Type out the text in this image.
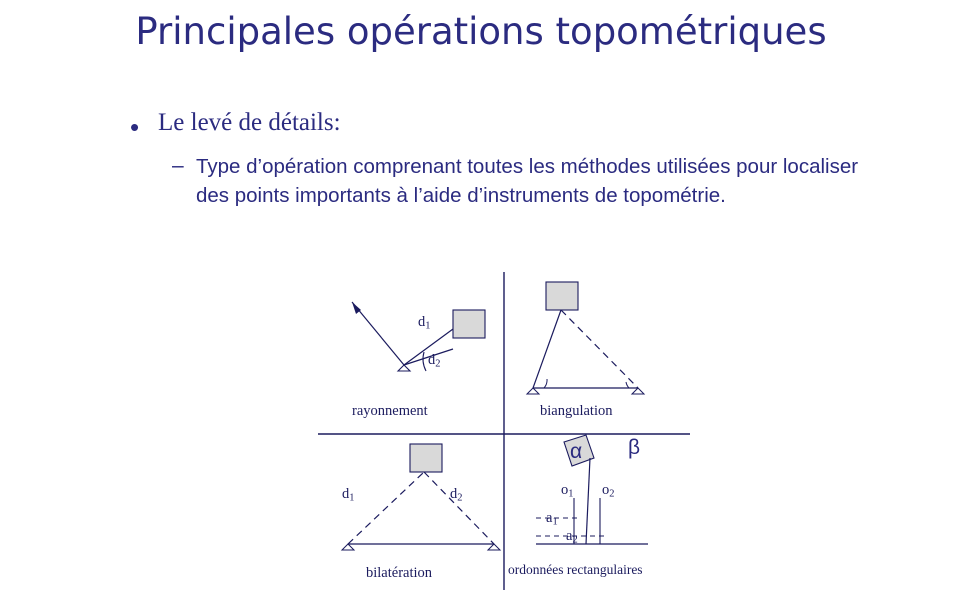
Principales opérations topométriques
• Le levé de détails:
– Type d’opération comprenant toutes les méthodes utilisées pour localiser des points importants à l’aide d’instruments de topométrie.
$d_1$
$d_2$
$d_1$	$d_2$
α β
$o_1$ $o_2$
$a_1$
$a_2$
rayonnement	biangulation
bilatération	ordonnées rectangulaires
